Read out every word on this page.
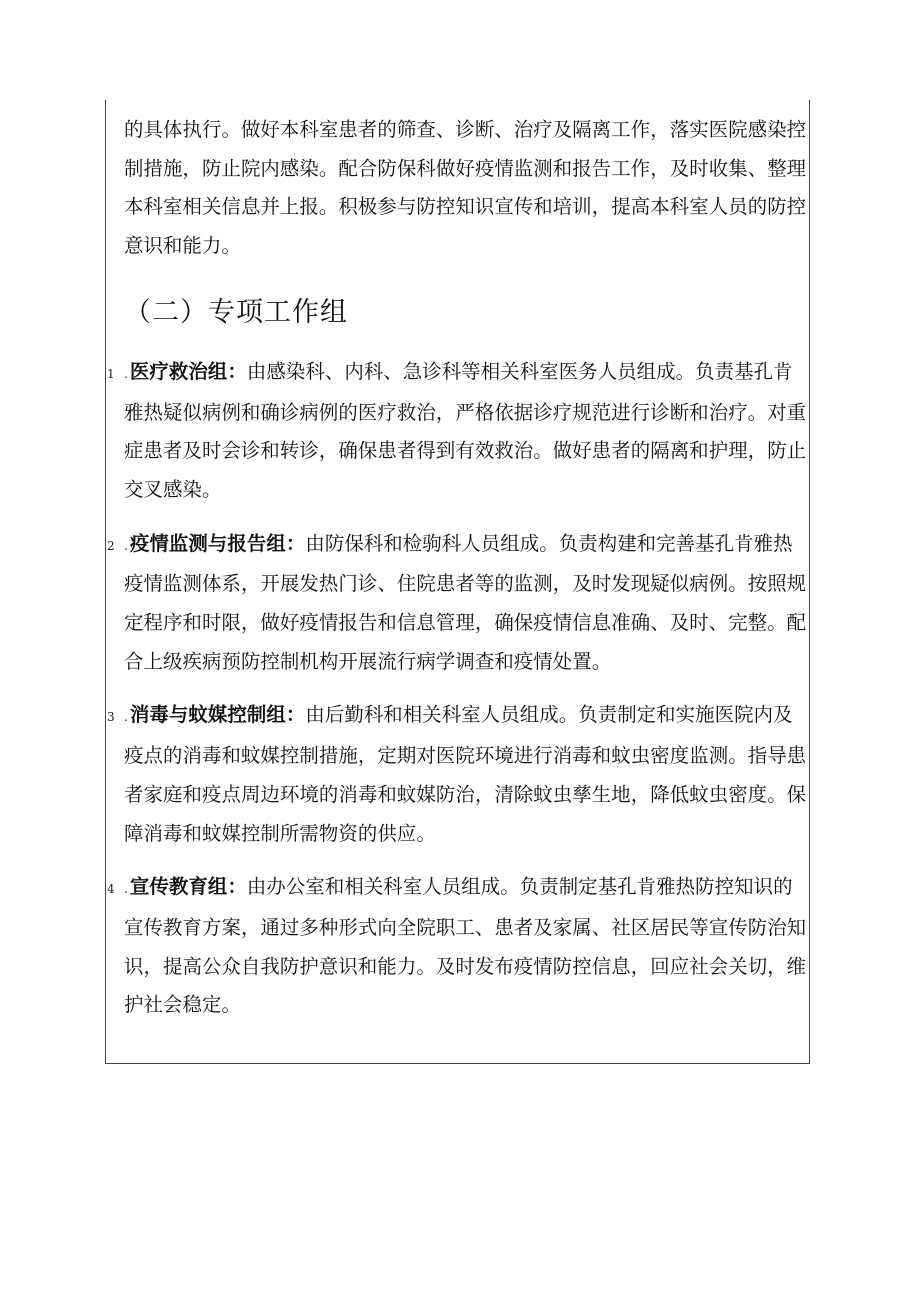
的具体执行。做好本科室患者的筛查、诊断、治疗及隔离工作，落实医院感染控制措施，防止院内感染。配合防保科做好疫情监测和报告工作，及时收集、整理本科室相关信息并上报。积极参与防控知识宣传和培训，提高本科室人员的防控意识和能力。

（二）专项工作组

1 . 医疗救治组：由感染科、内科、急诊科等相关科室医务人员组成。负责基孔肯雅热疑似病例和确诊病例的医疗救治，严格依据诊疗规范进行诊断和治疗。对重症患者及时会诊和转诊，确保患者得到有效救治。做好患者的隔离和护理，防止交叉感染。

2 . 疫情监测与报告组：由防保科和检驹科人员组成。负责构建和完善基孔肯雅热疫情监测体系，开展发热门诊、住院患者等的监测，及时发现疑似病例。按照规定程序和时限，做好疫情报告和信息管理，确保疫情信息准确、及时、完整。配合上级疾病预防控制机构开展流行病学调查和疫情处置。

3 . 消毒与蚊媒控制组：由后勤科和相关科室人员组成。负责制定和实施医院内及疫点的消毒和蚊媒控制措施，定期对医院环境进行消毒和蚊虫密度监测。指导患者家庭和疫点周边环境的消毒和蚊媒防治，清除蚊虫孳生地，降低蚊虫密度。保障消毒和蚊媒控制所需物资的供应。

4 . 宣传教育组：由办公室和相关科室人员组成。负责制定基孔肯雅热防控知识的宣传教育方案，通过多种形式向全院职工、患者及家属、社区居民等宣传防治知识，提高公众自我防护意识和能力。及时发布疫情防控信息，回应社会关切，维护社会稳定。
